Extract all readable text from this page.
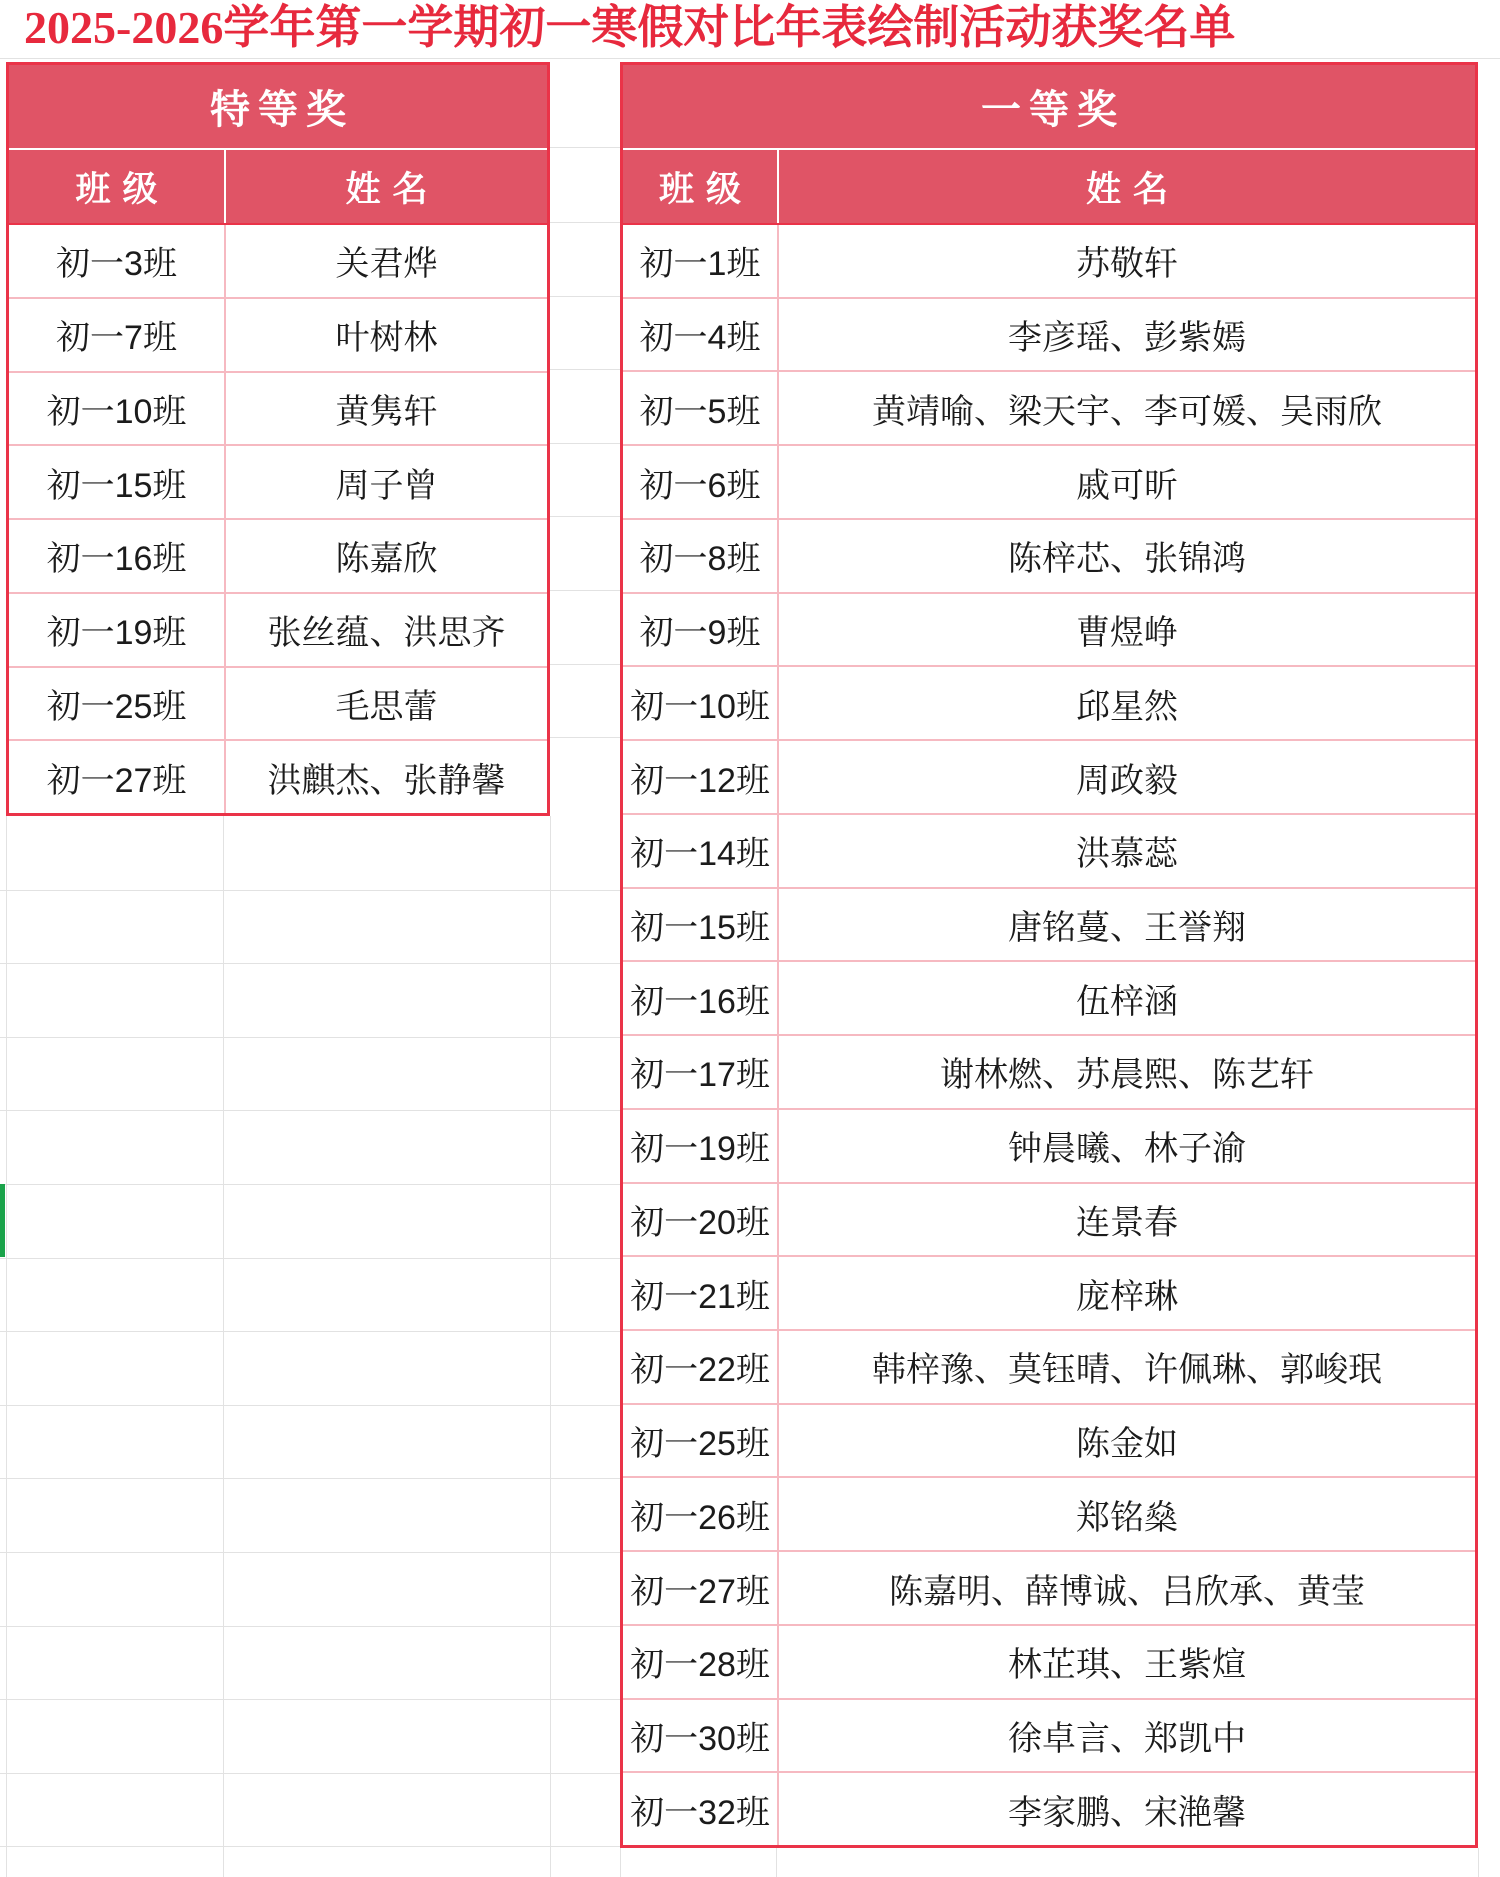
2025-2026学年第一学期初一寒假对比年表绘制活动获奖名单
特等奖
班级	姓名
初一3班	关君烨
初一7班	叶树林
初一10班	黄隽轩
初一15班	周子曾
初一16班	陈嘉欣
初一19班	张丝蕴、洪思齐
初一25班	毛思蕾
初一27班	洪麒杰、张静馨
一等奖
班级	姓名
初一1班	苏敬轩
初一4班	李彦瑶、彭紫嫣
初一5班	黄靖喻、梁天宇、李可媛、吴雨欣
初一6班	戚可昕
初一8班	陈梓芯、张锦鸿
初一9班	曹煜峥
初一10班	邱星然
初一12班	周政毅
初一14班	洪慕蕊
初一15班	唐铭蔓、王誉翔
初一16班	伍梓涵
初一17班	谢林燃、苏晨熙、陈艺轩
初一19班	钟晨曦、林子渝
初一20班	连景春
初一21班	庞梓琳
初一22班	韩梓豫、莫钰晴、许佩琳、郭峻珉
初一25班	陈金如
初一26班	郑铭燊
初一27班	陈嘉明、薛博诚、吕欣承、黄莹
初一28班	林芷琪、王紫煊
初一30班	徐卓言、郑凯中
初一32班	李家鹏、宋滟馨
